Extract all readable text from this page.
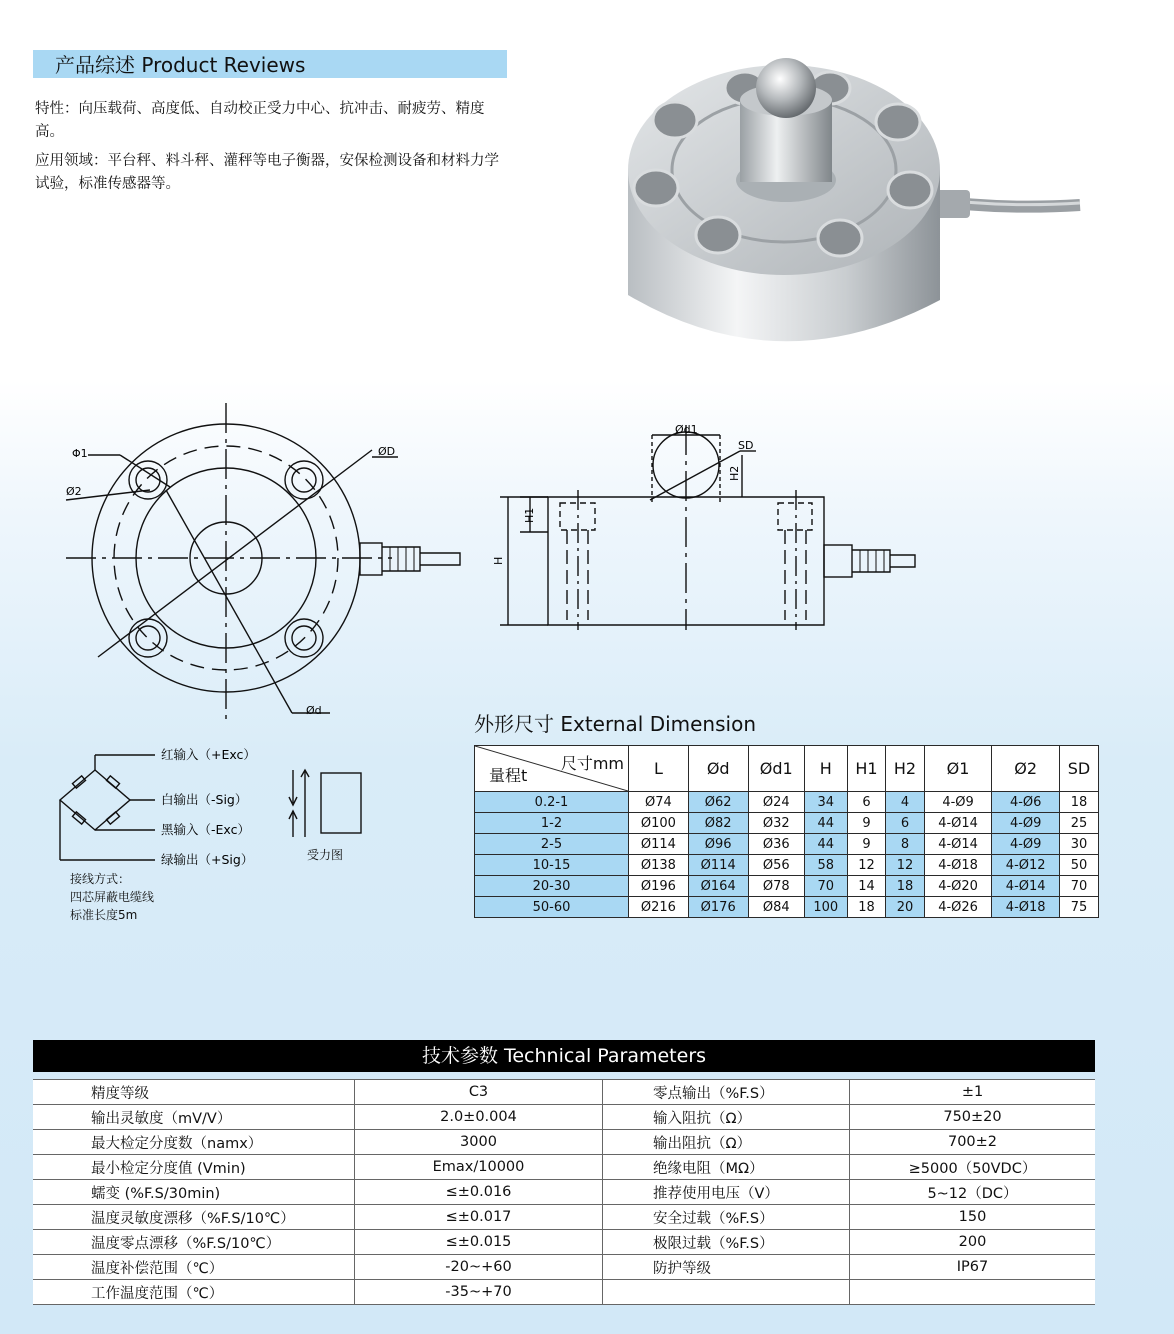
产品综述 Product Reviews
特性：向压载荷、高度低、自动校正受力中心、抗冲击、耐疲劳、精度高。
应用领域：平台秤、料斗秤、灌秤等电子衡器，安保检测设备和材料力学试验，标准传感器等。
Φ1
Ø2
ØD
Ød
Ød1
SD
H
H1
H2
外形尺寸 External Dimension
尺寸mm
量程t	L	Ød	Ød1	H	H1	H2	Ø1	Ø2	SD
0.2-1	Ø74	Ø62	Ø24	34	6	4	4-Ø9	4-Ø6	18
1-2	Ø100	Ø82	Ø32	44	9	6	4-Ø14	4-Ø9	25
2-5	Ø114	Ø96	Ø36	44	9	8	4-Ø14	4-Ø9	30
10-15	Ø138	Ø114	Ø56	58	12	12	4-Ø18	4-Ø12	50
20-30	Ø196	Ø164	Ø78	70	14	18	4-Ø20	4-Ø14	70
50-60	Ø216	Ø176	Ø84	100	18	20	4-Ø26	4-Ø18	75
红输入（+Exc）
白输出（-Sig）
黑输入（-Exc）
绿输出（+Sig）
接线方式：
四芯屏蔽电缆线
标准长度5m
受力图
技术参数 Technical Parameters
精度等级	C3	零点输出（%F.S）	±1
输出灵敏度（mV/V）	2.0±0.004	输入阻抗（Ω）	750±20
最大检定分度数（namx）	3000	输出阻抗（Ω）	700±2
最小检定分度值 (Vmin)	Emax/10000	绝缘电阻（MΩ）	≥5000（50VDC）
蠕变 (%F.S/30min)	≤±0.016	推荐使用电压（V）	5~12（DC）
温度灵敏度漂移（%F.S/10℃）	≤±0.017	安全过载（%F.S）	150
温度零点漂移（%F.S/10℃）	≤±0.015	极限过载（%F.S）	200
温度补偿范围（℃）	-20~+60	防护等级	IP67
工作温度范围（℃）	-35~+70		
